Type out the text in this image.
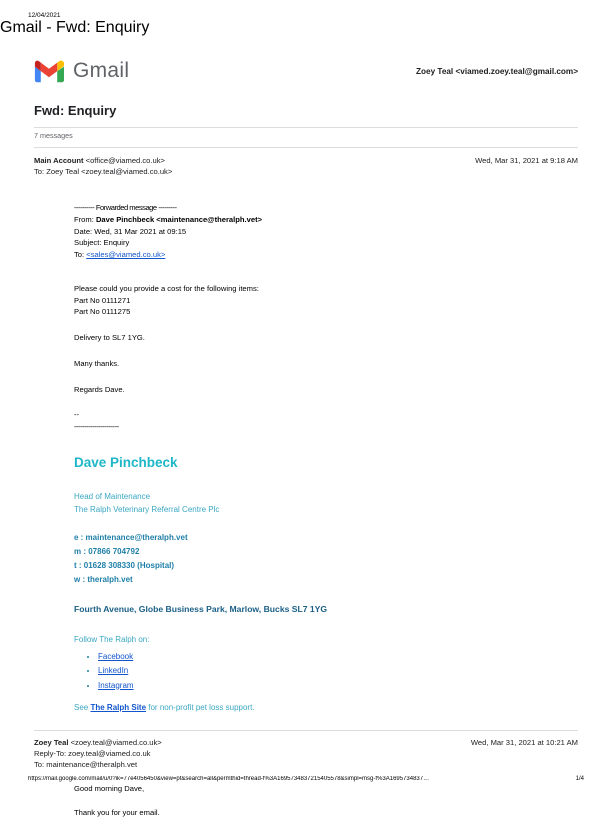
12/04/2021
Gmail - Fwd: Enquiry
Gmail	Zoey Teal <viamed.zoey.teal@gmail.com>
Fwd: Enquiry
7 messages
Main Account <office@viamed.co.uk>	Wed, Mar 31, 2021 at 9:18 AM
To: Zoey Teal <zoey.teal@viamed.co.uk>

---------- Forwarded message ---------

From: Dave Pinchbeck <maintenance@theralph.vet>

Date: Wed, 31 Mar 2021 at 09:15

Subject: Enquiry

To: <sales@viamed.co.uk>

Please could you provide a cost for the following items:

Part No 0111271

Part No 0111275

Delivery to SL7 1YG.

Many thanks.

Regards Dave.

--

----------------------

Dave Pinchbeck
Head of Maintenance
The Ralph Veterinary Referral Centre Plc
e : maintenance@theralph.vet
m : 07866 704792
t : 01628 308330 (Hospital)
w : theralph.vet
Fourth Avenue, Globe Business Park, Marlow, Bucks SL7 1YG
Follow The Ralph on:
• Facebook
• LinkedIn
• Instagram
See The Ralph Site for non-profit pet loss support.
Zoey Teal <zoey.teal@viamed.co.uk>	Wed, Mar 31, 2021 at 10:21 AM
Reply-To: zoey.teal@viamed.co.uk
To: maintenance@theralph.vet

Good morning Dave,

Thank you for your email.

https://mail.google.com/mail/u/0?ik=77e4056450&view=pt&search=all&permthid=thread-f%3A1695734837215405578&simpl=msg-f%3A1695734837…	1/4
